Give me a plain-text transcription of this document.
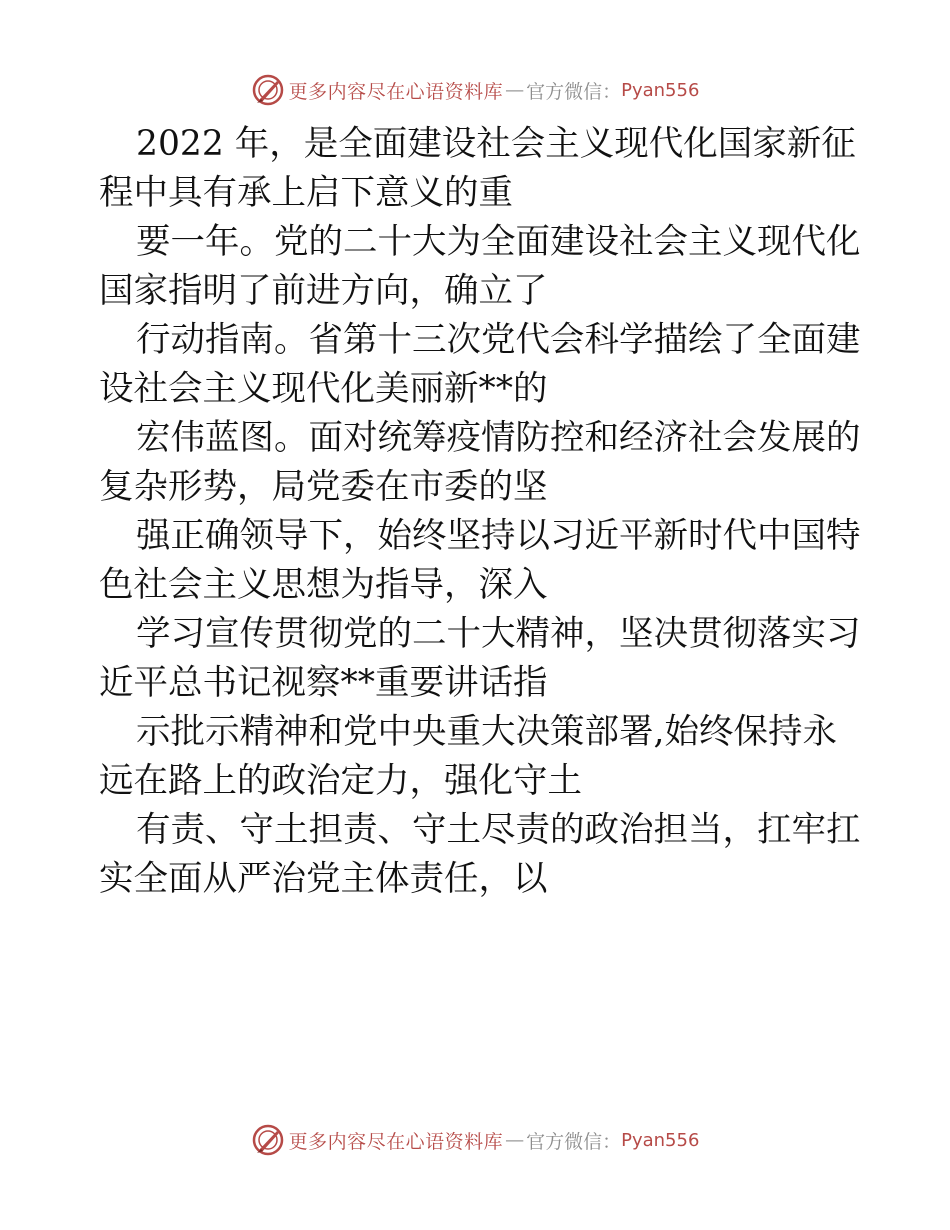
更多内容尽在心语资料库 — 官方微信： Pyan556

2022 年，是全面建设社会主义现代化国家新征
程中具有承上启下意义的重

要一年。党的二十大为全面建设社会主义现代化
国家指明了前进方向，确立了

行动指南。省第十三次党代会科学描绘了全面建
设社会主义现代化美丽新**的

宏伟蓝图。面对统筹疫情防控和经济社会发展的
复杂形势，局党委在市委的坚

强正确领导下，始终坚持以习近平新时代中国特
色社会主义思想为指导，深入

学习宣传贯彻党的二十大精神，坚决贯彻落实习
近平总书记视察**重要讲话指

示批示精神和党中央重大决策部署,始终保持永
远在路上的政治定力，强化守土

有责、守土担责、守土尽责的政治担当，扛牢扛
实全面从严治党主体责任，以

更多内容尽在心语资料库 — 官方微信： Pyan556
